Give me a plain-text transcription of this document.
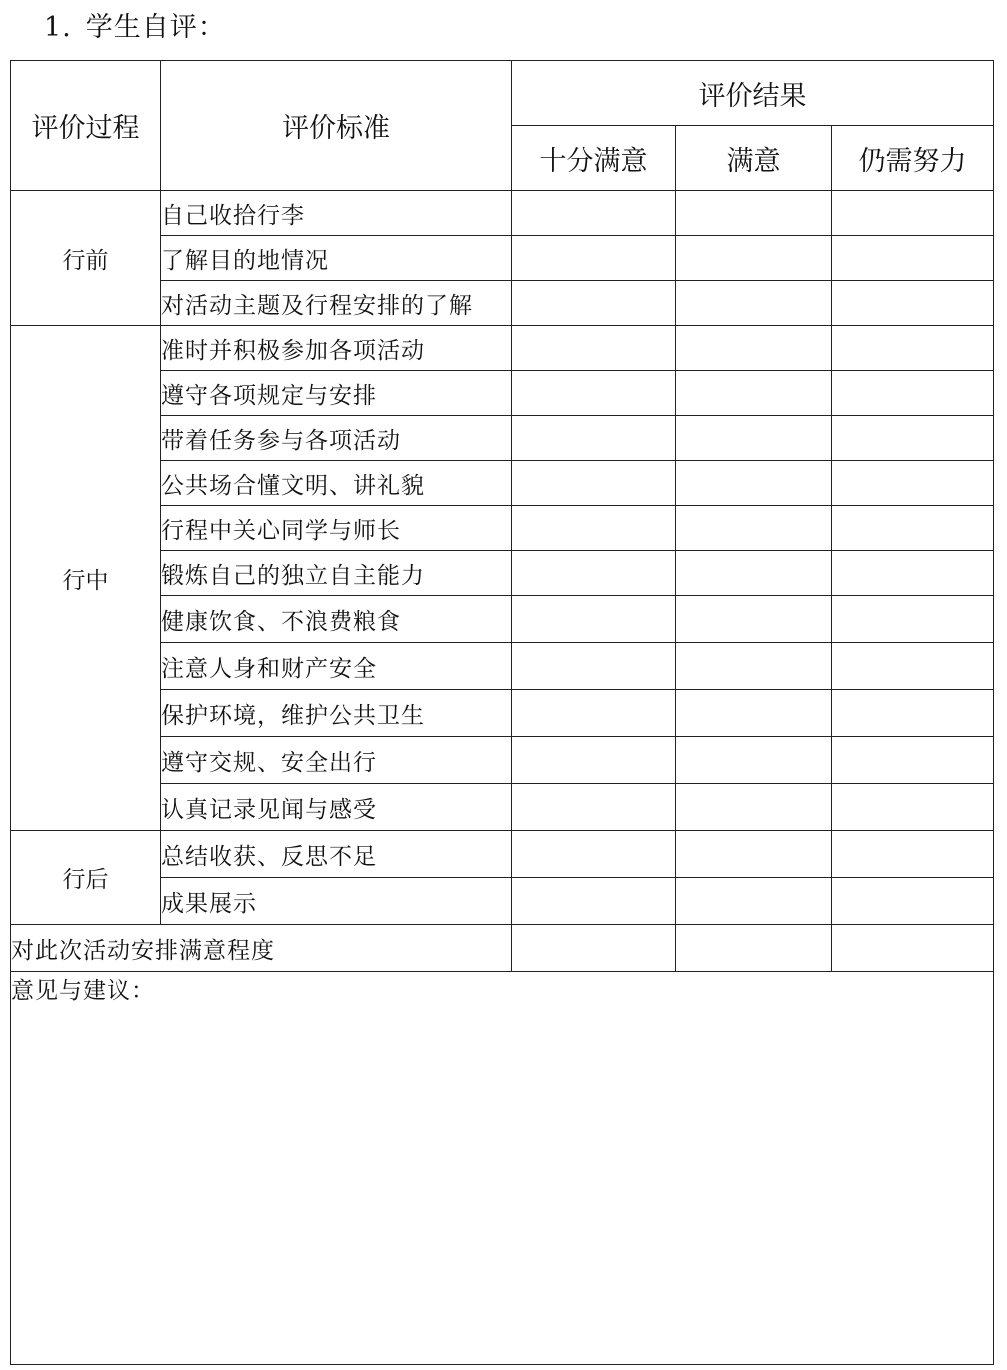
1. 学生自评：
评价过程	评价标准	评价结果		
		十分满意	满意	仍需努力
行前	自己收拾行李			
	了解目的地情况			
	对活动主题及行程安排的了解			
行中	准时并积极参加各项活动			
	遵守各项规定与安排			
	带着任务参与各项活动			
	公共场合懂文明、讲礼貌			
	行程中关心同学与师长			
	锻炼自己的独立自主能力			
	健康饮食、不浪费粮食			
	注意人身和财产安全			
	保护环境，维护公共卫生			
	遵守交规、安全出行			
	认真记录见闻与感受			
行后	总结收获、反思不足			
	成果展示			
对此次活动安排满意程度				
意见与建议：				
